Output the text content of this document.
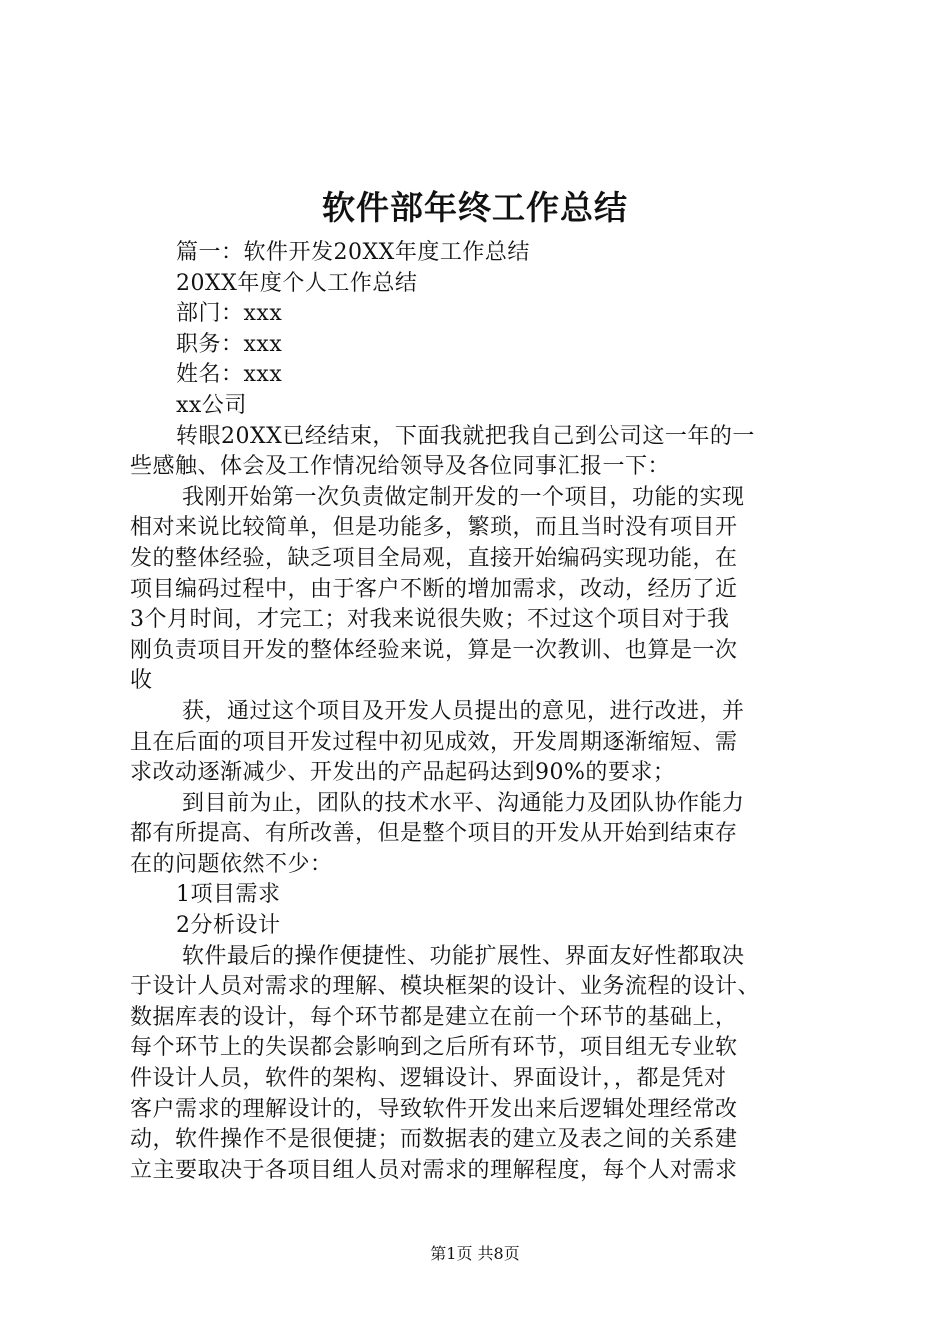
软件部年终工作总结

篇一：软件开发20XX年度工作总结

20XX年度个人工作总结

部门：xxx

职务：xxx

姓名：xxx

xx公司

转眼20XX已经结束，下面我就把我自己到公司这一年的一

些感触、体会及工作情况给领导及各位同事汇报一下：

我刚开始第一次负责做定制开发的一个项目，功能的实现

相对来说比较简单，但是功能多，繁琐，而且当时没有项目开

发的整体经验，缺乏项目全局观，直接开始编码实现功能，在

项目编码过程中，由于客户不断的增加需求，改动，经历了近

3个月时间，才完工；对我来说很失败；不过这个项目对于我

刚负责项目开发的整体经验来说，算是一次教训、也算是一次

收

获，通过这个项目及开发人员提出的意见，进行改进，并

且在后面的项目开发过程中初见成效，开发周期逐渐缩短、需

求改动逐渐减少、开发出的产品起码达到90%的要求；

到目前为止，团队的技术水平、沟通能力及团队协作能力

都有所提高、有所改善，但是整个项目的开发从开始到结束存

在的问题依然不少：

1项目需求

2分析设计

软件最后的操作便捷性、功能扩展性、界面友好性都取决

于设计人员对需求的理解、模块框架的设计、业务流程的设计、

数据库表的设计，每个环节都是建立在前一个环节的基础上，

每个环节上的失误都会影响到之后所有环节，项目组无专业软

件设计人员，软件的架构、逻辑设计、界面设计，，都是凭对

客户需求的理解设计的，导致软件开发出来后逻辑处理经常改

动，软件操作不是很便捷；而数据表的建立及表之间的关系建

立主要取决于各项目组人员对需求的理解程度，每个人对需求

第1页 共8页
